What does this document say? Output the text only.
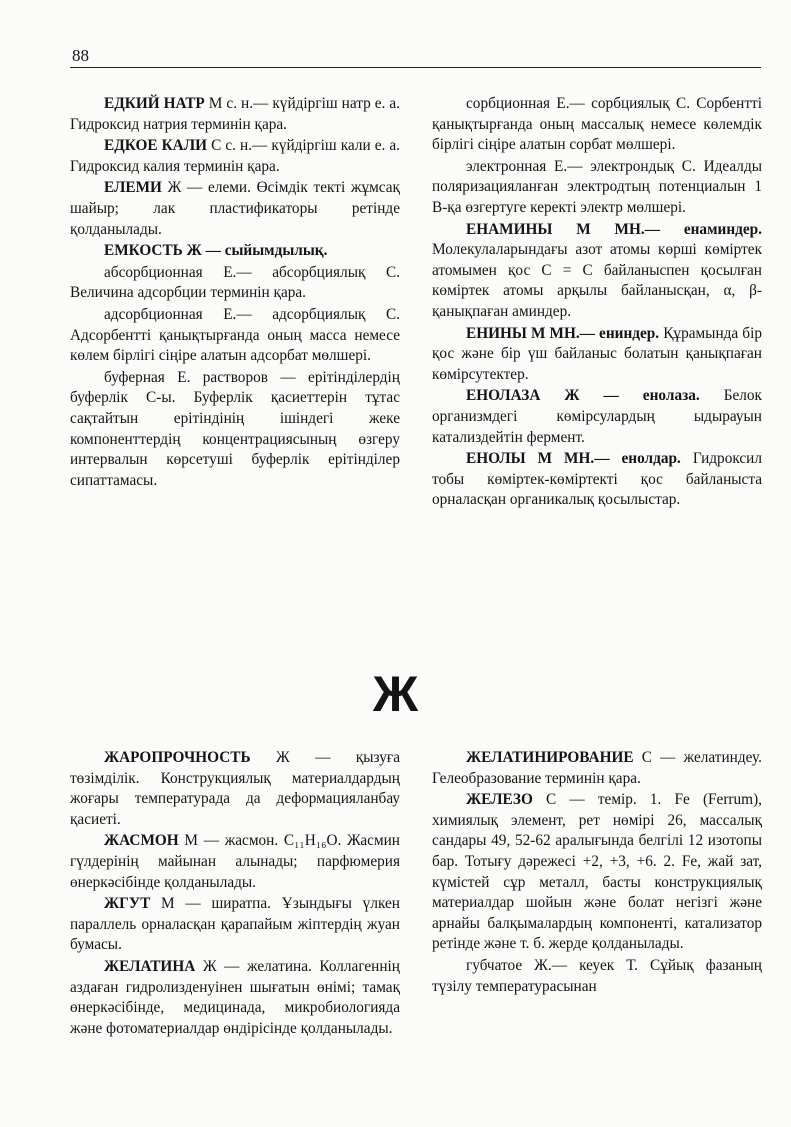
88

ЕДКИЙ НАТР М с. н.— күйдіргіш натр е. а. Гидроксид натрия терминін қара.

ЕДКОЕ КАЛИ С с. н.— күйдіргіш кали е. а. Гидроксид калия терминін қара.

ЕЛЕМИ Ж — елеми. Өсімдік текті жұмсақ шайыр; лак пластификаторы ретінде қолданылады.

ЕМКОСТЬ Ж — сыйымдылық.

абсорбционная Е.— абсорбциялық С. Величина адсорбции терминін қара.

адсорбционная Е.— адсорбциялық С. Адсорбентті қанықтырғанда оның масса немесе көлем бірлігі сіңіре алатын адсорбат мөлшері.

буферная Е. растворов — ерітінділердің буферлік С-ы. Буферлік қасиеттерін тұтас сақтайтын ерітіндінің ішіндегі жеке компоненттердің концентрациясының өзгеру интервалын көрсетуші буферлік ерітінділер сипаттамасы.

сорбционная Е.— сорбциялық С. Сорбентті қанықтырғанда оның массалық немесе көлемдік бірлігі сіңіре алатын сорбат мөлшері.

электронная Е.— электрондық С. Идеалды поляризацияланған электродтың потенциалын 1 В-қа өзгертуге керекті электр мөлшері.

ЕНАМИНЫ М МН.— енаминдер. Молекулаларындағы азот атомы көрші көміртек атомымен қос С = С байланыспен қосылған көміртек атомы арқылы байланысқан, α, β-қанықпаған аминдер.

ЕНИНЫ М МН.— ениндер. Құрамында бір қос және бір үш байланыс болатын қанықпаған көмірсутектер.

ЕНОЛАЗА Ж — енолаза. Белок организмдегі көмірсулардың ыдырауын катализдейтін фермент.

ЕНОЛЫ М МН.— енолдар. Гидроксил тобы көміртек-көміртекті қос байланыста орналасқан органикалық қосылыстар.

Ж

ЖАРОПРОЧНОСТЬ Ж — қызуға төзімділік. Конструкциялық материалдардың жоғары температурада да деформацияланбау қасиеті.

ЖАСМОН М — жасмон. C₁₁H₁₆O. Жасмин гүлдерінің майынан алынады; парфюмерия өнеркәсібінде қолданылады.

ЖГУТ М — ширатпа. Ұзындығы үлкен параллель орналасқан қарапайым жіптердің жуан бумасы.

ЖЕЛАТИНА Ж — желатина. Коллагеннің аздаған гидролизденуінен шығатын өнімі; тамақ өнеркәсібінде, медицинада, микробиологияда және фотоматериалдар өндірісінде қолданылады.

ЖЕЛАТИНИРОВАНИЕ С — желатиндеу. Гелеобразование терминін қара.

ЖЕЛЕЗО С — темір. 1. Fe (Ferrum), химиялық элемент, рет нөмірі 26, массалық сандары 49, 52-62 аралығында белгілі 12 изотопы бар. Тотығу дәрежесі +2, +3, +6. 2. Fe, жай зат, күмістей сұр металл, басты конструкциялық материалдар шойын және болат негізгі және арнайы балқымалардың компоненті, катализатор ретінде және т. б. жерде қолданылады.

губчатое Ж.— кеуек Т. Сұйық фазаның түзілу температурасынан
